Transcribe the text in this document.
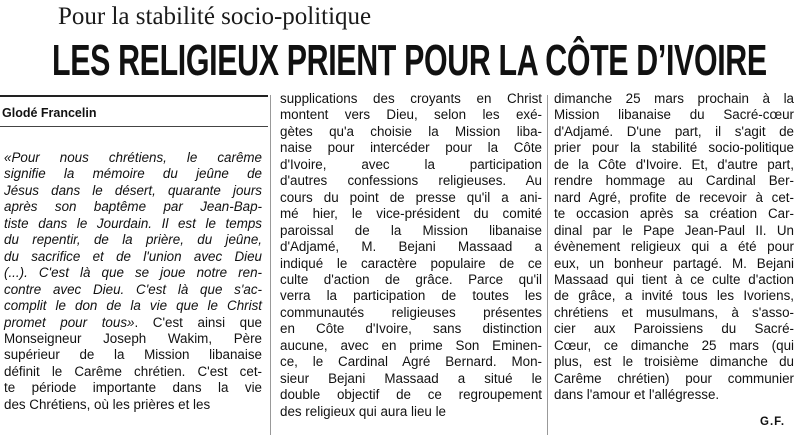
Pour la stabilité socio-politique
LES RELIGIEUX PRIENT POUR LA CÔTE D’IVOIRE
Glodé Francelin
«Pour nous chrétiens, le carême
signifie la mémoire du jeûne de
Jésus dans le désert, quarante jours
après son baptême par Jean-Bap-
tiste dans le Jourdain. Il est le temps
du repentir, de la prière, du jeûne,
du sacrifice et de l'union avec Dieu
(...). C'est là que se joue notre ren-
contre avec Dieu. C'est là que s'ac-
complit le don de la vie que le Christ
promet pour tous». C'est ainsi que
Monseigneur Joseph Wakim, Père
supérieur de la Mission libanaise
définit le Carême chrétien. C'est cet-
te période importante dans la vie
des Chrétiens, où les prières et les
supplications des croyants en Christ
montent vers Dieu, selon les exé-
gètes qu'a choisie la Mission liba-
naise pour intercéder pour la Côte
d'Ivoire, avec la participation
d'autres confessions religieuses. Au
cours du point de presse qu'il a ani-
mé hier, le vice-président du comité
paroissal de la Mission libanaise
d'Adjamé, M. Bejani Massaad a
indiqué le caractère populaire de ce
culte d'action de grâce. Parce qu'il
verra la participation de toutes les
communautés religieuses présentes
en Côte d'Ivoire, sans distinction
aucune, avec en prime Son Eminen-
ce, le Cardinal Agré Bernard. Mon-
sieur Bejani Massaad a situé le
double objectif de ce regroupement
des religieux qui aura lieu le
dimanche 25 mars prochain à la
Mission libanaise du Sacré-cœur
d'Adjamé. D'une part, il s'agit de
prier pour la stabilité socio-politique
de la Côte d'Ivoire. Et, d'autre part,
rendre hommage au Cardinal Ber-
nard Agré, profite de recevoir à cet-
te occasion après sa création Car-
dinal par le Pape Jean-Paul II. Un
évènement religieux qui a été pour
eux, un bonheur partagé. M. Bejani
Massaad qui tient à ce culte d'action
de grâce, a invité tous les Ivoriens,
chrétiens et musulmans, à s'asso-
cier aux Paroissiens du Sacré-
Cœur, ce dimanche 25 mars (qui
plus, est le troisième dimanche du
Carême chrétien) pour communier
dans l'amour et l'allégresse.
G.F.
